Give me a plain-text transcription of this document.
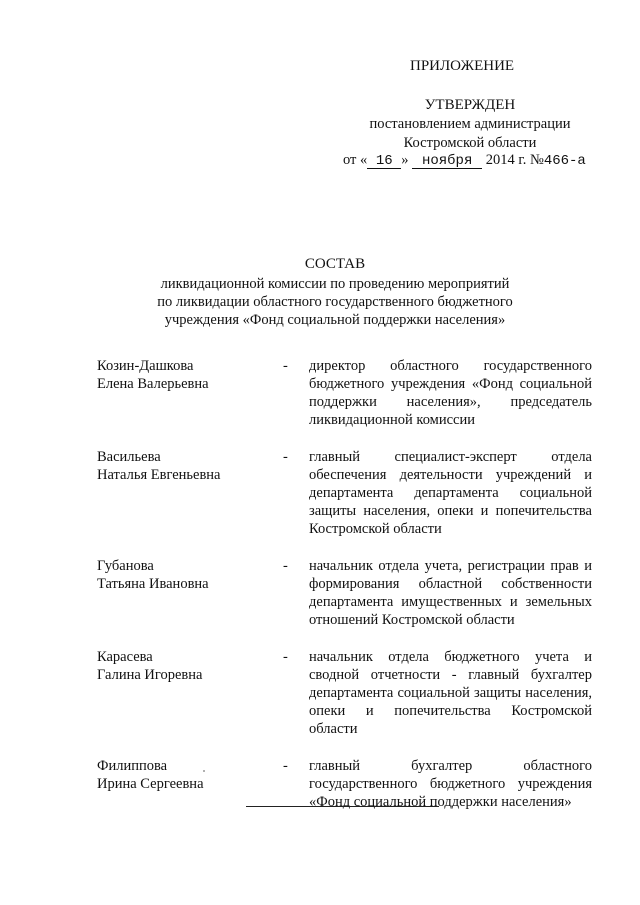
ПРИЛОЖЕНИЕ
УТВЕРЖДЕН
постановлением администрации
Костромской области
от « 16 » ноября 2014 г. №466-а
СОСТАВ
ликвидационной комиссии по проведению мероприятий
по ликвидации областного государственного бюджетного
учреждения «Фонд социальной поддержки населения»
Козин-Дашкова
Елена Валерьевна
- директор областного государственного бюджетного учреждения «Фонд социальной поддержки населения», председатель ликвидационной комиссии
Васильева
Наталья Евгеньевна
- главный специалист-эксперт отдела обеспечения деятельности учреждений и департамента департамента социальной защиты населения, опеки и попечительства Костромской области
Губанова
Татьяна Ивановна
- начальник отдела учета, регистрации прав и формирования областной собственности департамента имущественных и земельных отношений Костромской области
Карасева
Галина Игоревна
- начальник отдела бюджетного учета и сводной отчетности - главный бухгалтер департамента социальной защиты населения, опеки и попечительства Костромской области
Филиппова
Ирина Сергеевна
- главный бухгалтер областного государственного бюджетного учреждения «Фонд социальной поддержки населения»
